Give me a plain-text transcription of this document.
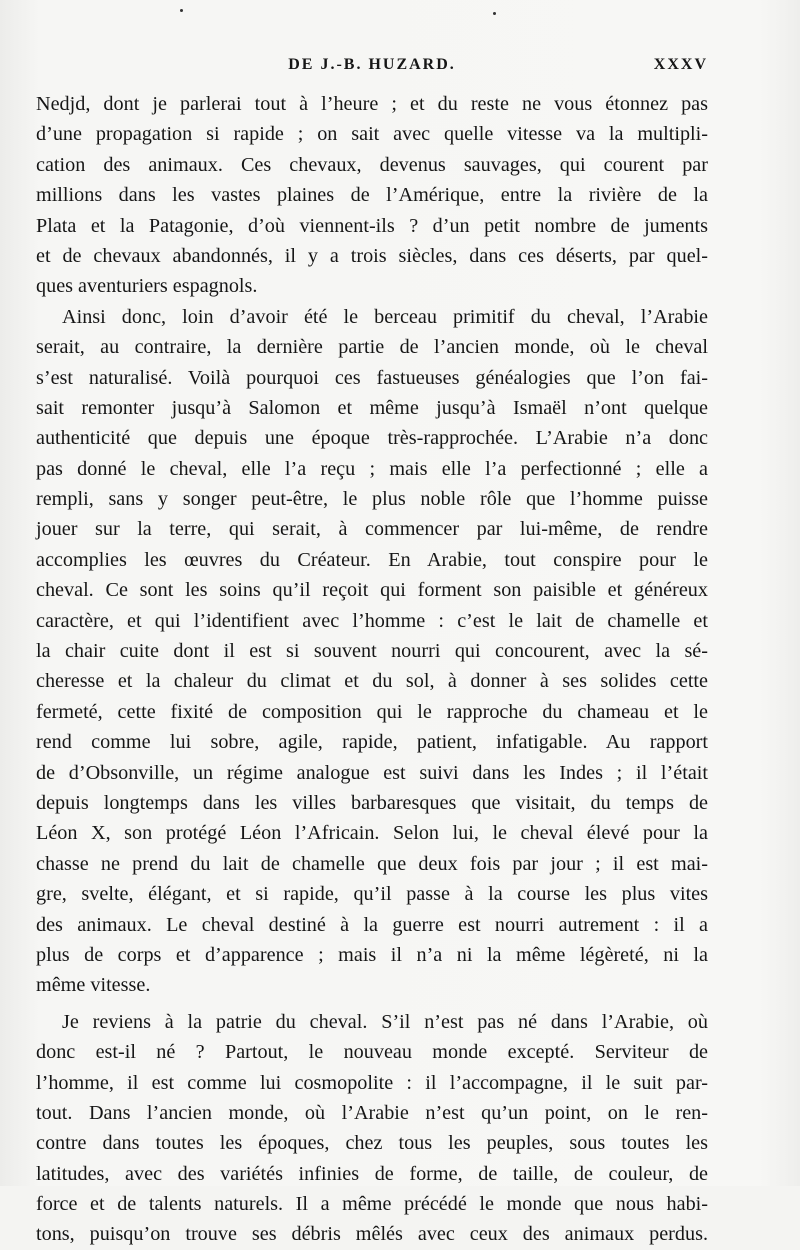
DE J.-B. HUZARD.	XXXV
Nedjd, dont je parlerai tout à l’heure ; et du reste ne vous étonnez pas
d’une propagation si rapide ; on sait avec quelle vitesse va la multipli-
cation des animaux. Ces chevaux, devenus sauvages, qui courent par
millions dans les vastes plaines de l’Amérique, entre la rivière de la
Plata et la Patagonie, d’où viennent-ils ? d’un petit nombre de juments
et de chevaux abandonnés, il y a trois siècles, dans ces déserts, par quel-
ques aventuriers espagnols.
Ainsi donc, loin d’avoir été le berceau primitif du cheval, l’Arabie
serait, au contraire, la dernière partie de l’ancien monde, où le cheval
s’est naturalisé. Voilà pourquoi ces fastueuses généalogies que l’on fai-
sait remonter jusqu’à Salomon et même jusqu’à Ismaël n’ont quelque
authenticité que depuis une époque très-rapprochée. L’Arabie n’a donc
pas donné le cheval, elle l’a reçu ; mais elle l’a perfectionné ; elle a
rempli, sans y songer peut-être, le plus noble rôle que l’homme puisse
jouer sur la terre, qui serait, à commencer par lui-même, de rendre
accomplies les œuvres du Créateur. En Arabie, tout conspire pour le
cheval. Ce sont les soins qu’il reçoit qui forment son paisible et généreux
caractère, et qui l’identifient avec l’homme : c’est le lait de chamelle et
la chair cuite dont il est si souvent nourri qui concourent, avec la sé-
cheresse et la chaleur du climat et du sol, à donner à ses solides cette
fermeté, cette fixité de composition qui le rapproche du chameau et le
rend comme lui sobre, agile, rapide, patient, infatigable. Au rapport
de d’Obsonville, un régime analogue est suivi dans les Indes ; il l’était
depuis longtemps dans les villes barbaresques que visitait, du temps de
Léon X, son protégé Léon l’Africain. Selon lui, le cheval élevé pour la
chasse ne prend du lait de chamelle que deux fois par jour ; il est mai-
gre, svelte, élégant, et si rapide, qu’il passe à la course les plus vites
des animaux. Le cheval destiné à la guerre est nourri autrement : il a
plus de corps et d’apparence ; mais il n’a ni la même légèreté, ni la
même vitesse.
Je reviens à la patrie du cheval. S’il n’est pas né dans l’Arabie, où
donc est-il né ? Partout, le nouveau monde excepté. Serviteur de
l’homme, il est comme lui cosmopolite : il l’accompagne, il le suit par-
tout. Dans l’ancien monde, où l’Arabie n’est qu’un point, on le ren-
contre dans toutes les époques, chez tous les peuples, sous toutes les
latitudes, avec des variétés infinies de forme, de taille, de couleur, de
force et de talents naturels. Il a même précédé le monde que nous habi-
tons, puisqu’on trouve ses débris mêlés avec ceux des animaux perdus.
